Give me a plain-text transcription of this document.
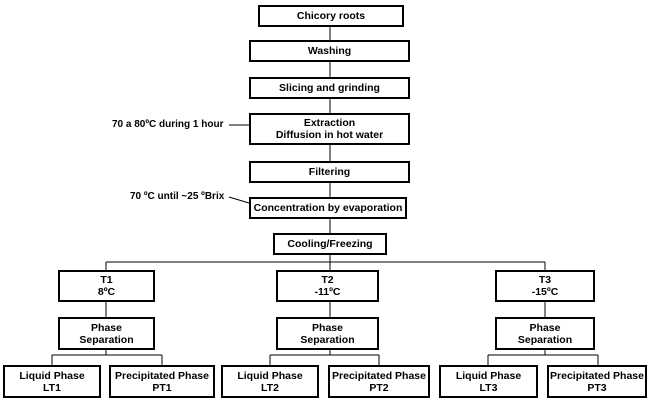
Chicory roots
Washing
Slicing and grinding
Extraction
Diffusion in hot water
Filtering
Concentration by evaporation
Cooling/Freezing
70 a 80ºC during 1 hour
70 ºC until ~25 ºBrix
T1
8ºC
Phase
Separation
Liquid Phase
LT1
Precipitated Phase
PT1
T2
-11ºC
Phase
Separation
Liquid Phase
LT2
Precipitated Phase
PT2
T3
-15ºC
Phase
Separation
Liquid Phase
LT3
Precipitated Phase
PT3
